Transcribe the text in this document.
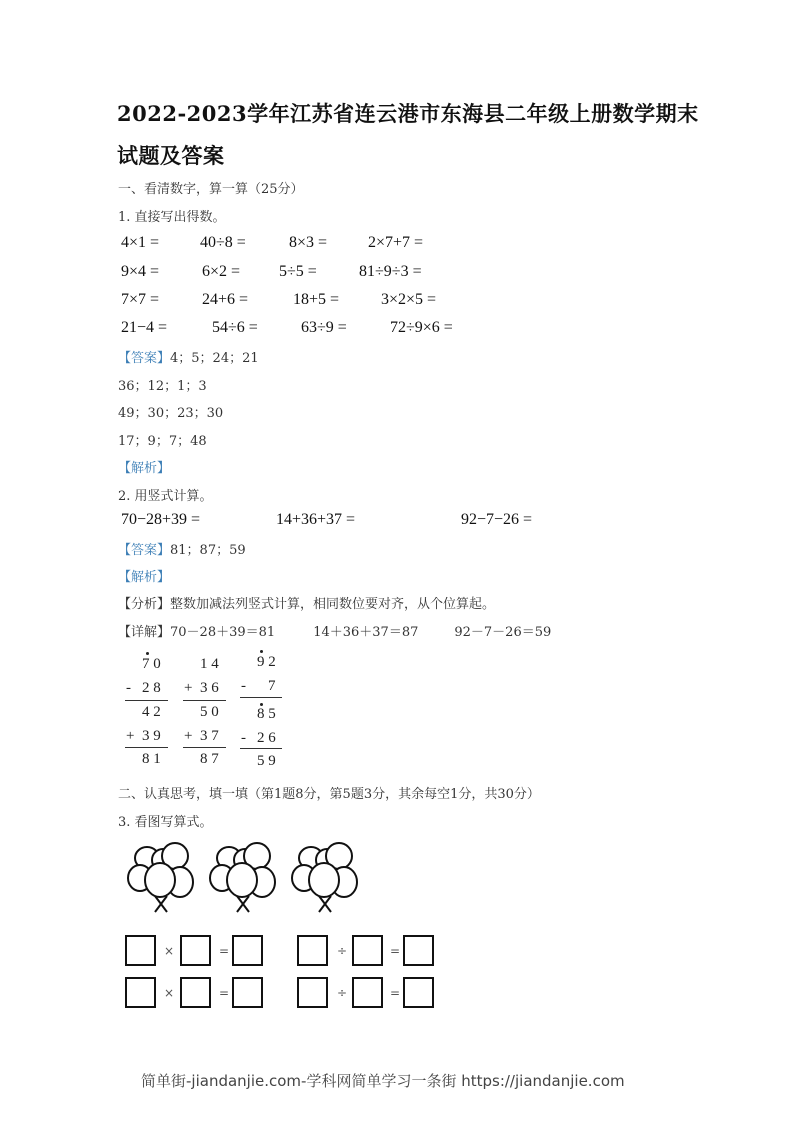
2022-2023学年江苏省连云港市东海县二年级上册数学期末
试题及答案
一、看清数字，算一算（25分）
1. 直接写出得数。
4×1 =	40÷8 =	8×3 =	2×7+7 =
9×4 =	6×2 = 5÷5 =	81÷9÷3 =
7×7 =	24+6 =	18+5 =	3×2×5 =
21−4 =	54÷6 =	63÷9 =	72÷9×6 =
【答案】4；5；24；21
36；12；1；3
49；30；23；30
17；9；7；48
【解析】
2. 用竖式计算。
70−28+39 =	14+36+37 =	92−7−26 =
【答案】81；87；59
【解析】
【分析】整数加减法列竖式计算，相同数位要对齐，从个位算起。
【详解】70－28＋39＝81	14＋36＋37＝87	92－7－26＝59
7 0
- 2 8
4 2
+ 3 9
8 1
1 4
+ 3 6
5 0
+ 3 7
8 7
9 2
- 7
8 5
- 2 6
5 9
二、认真思考，填一填（第1题8分，第5题3分，其余每空1分，共30分）
3. 看图写算式。
×	=	÷	=
×	=	÷	=
简单街-jiandanjie.com-学科网简单学习一条街 https://jiandanjie.com
